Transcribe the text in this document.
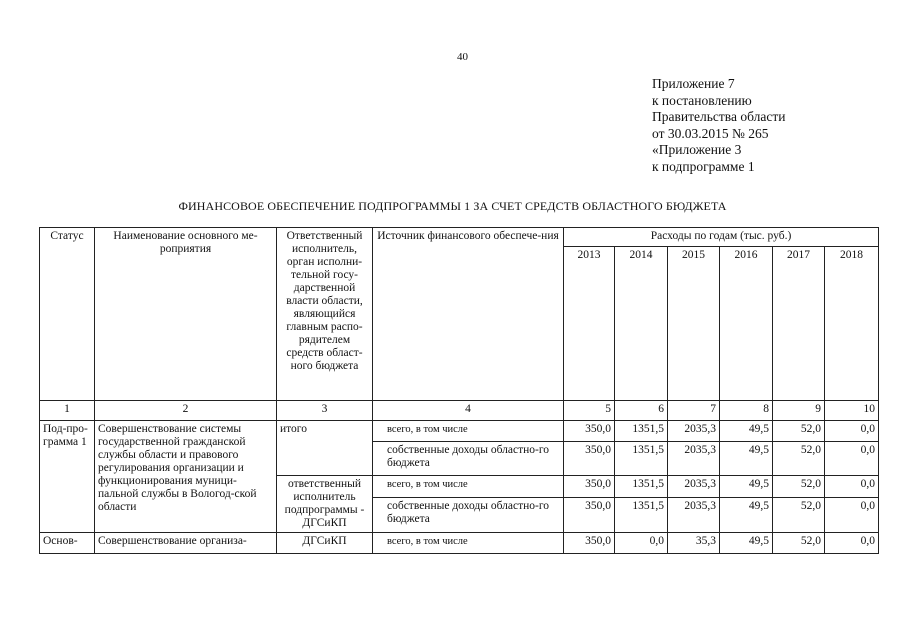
40
Приложение 7
к постановлению
Правительства области
от 30.03.2015 № 265
«Приложение 3
к подпрограмме 1
ФИНАНСОВОЕ ОБЕСПЕЧЕНИЕ ПОДПРОГРАММЫ 1 ЗА СЧЕТ СРЕДСТВ ОБЛАСТНОГО БЮДЖЕТА
Статус	Наименование основного ме-роприятия	Ответственный исполнитель, орган исполни-тельной госу-дарственной власти области, являющийся главным распо-рядителем средств област-ного бюджета	Источник финансового обеспече-ния	Расходы по годам (тыс. руб.)					
				2013	2014	2015	2016	2017	2018
1	2	3	4	5	6	7	8	9	10
Под-про-грамма 1	Совершенствование системы государственной гражданской службы области и правового регулирования организации и функционирования муници-пальной службы в Вологод-ской области	итого	всего, в том числе	350,0	1351,5	2035,3	49,5	52,0	0,0
			собственные доходы областно-го бюджета	350,0	1351,5	2035,3	49,5	52,0	0,0
		ответственный исполнитель подпрограммы - ДГСиКП	всего, в том числе	350,0	1351,5	2035,3	49,5	52,0	0,0
			собственные доходы областно-го бюджета	350,0	1351,5	2035,3	49,5	52,0	0,0
Основ-	Совершенствование организа-	ДГСиКП	всего, в том числе	350,0	0,0	35,3	49,5	52,0	0,0
